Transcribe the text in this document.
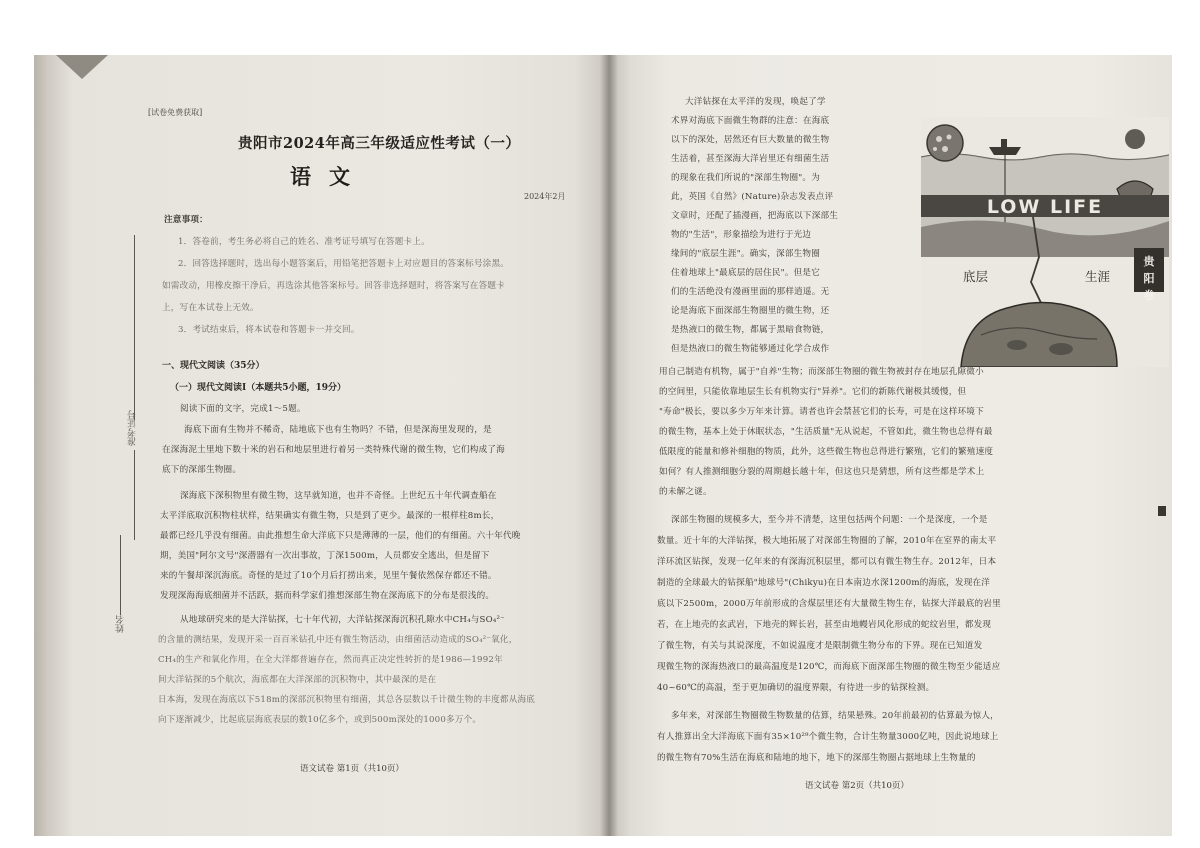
[试卷免费获取]
贵阳市2024年高三年级适应性考试（一）
语文
2024年2月
注意事项：
1．答卷前，考生务必将自己的姓名、准考证号填写在答题卡上。
2．回答选择题时，选出每小题答案后，用铅笔把答题卡上对应题目的答案标号涂黑。
如需改动，用橡皮擦干净后，再选涂其他答案标号。回答非选择题时，将答案写在答题卡
上，写在本试卷上无效。
3．考试结束后，将本试卷和答题卡一并交回。
一、现代文阅读（35分）
（一）现代文阅读Ⅰ（本题共5小题，19分）
阅读下面的文字，完成1～5题。
海底下面有生物并不稀奇，陆地底下也有生物吗？不错，但是深海里发现的，是
在深海泥土里地下数十米的岩石和地层里进行着另一类特殊代谢的微生物，它们构成了海
底下的深部生物圈。
深海底下深积物里有微生物，这早就知道，也并不奇怪。上世纪五十年代调查船在
太平洋底取沉积物柱状样，结果确实有微生物，只是到了更少。最深的一根样柱8m长，
最都已经几乎没有细菌。由此推想生命大洋底下只是薄薄的一层，他们的有细菌。六十年代晚
期，美国"阿尔文号"深潜器有一次出事故，丁深1500m，人员都安全逃出，但是留下
来的午餐却深沉海底。奇怪的是过了10个月后打捞出来，见里午餐依然保存都还不错。
发现深海海底细菌并不活跃，据而科学家们推想深部生物在深海底下的分布是很浅的。
从地球研究来的是大洋钻探，七十年代初，大洋钻探深海沉积孔隙水中CH₄与SO₄²⁻
的含量的测结果，发现开采一百百米钻孔中还有微生物活动，由细菌活动造成的SO₄²⁻氧化，
CH₄的生产和氧化作用，在全大洋都普遍存在，然而真正决定性转折的是1986—1992年
间大洋钻探的5个航次，海底都在大洋深部的沉积物中，其中最深的是在
日本海，发现在海底以下518m的深部沉积物里有细菌，其总各层数以千计微生物的丰度都从海底
向下逐渐减少，比起底层海底表层的数10亿多个，或到500m深处的1000多万个。
准考证号
姓名
语文试卷 第1页（共10页）
大洋钻探在太平洋的发现，唤起了学
术界对海底下面微生物群的注意：在海底
以下的深处，居然还有巨大数量的微生物
生活着，甚至深海大洋岩里还有细菌生活
的现象在我们所说的"深部生物圈"。为
此，英国《自然》(Nature)杂志发表点评
文章时，还配了插漫画，把海底以下深部生
物的"生活"，形象描绘为进行于光边
缘间的"底层生涯"。确实，深部生物圈
住着地球上"最底层的居住民"。但是它
们的生活绝没有漫画里面的那样逍遥。无
论是海底下面深部生物圈里的微生物，还
是热液口的微生物，都属于黑暗食物链，
但是热液口的微生物能够通过化学合成作
LOW LIFE
底层	生涯
用自己制造有机物，属于"自养"生物；而深部生物圈的微生物被封存在地层孔隙微小
的空间里，只能依靠地层生长有机物实行"异养"。它们的新陈代谢极其缓慢，但
"寿命"极长，要以多少万年来计算。请者也许会禁甚它们的长寿，可是在这样环境下
的微生物，基本上处于休眠状态，"生活质量"无从说起，不管如此，微生物也总得有最
低限度的能量和修补细胞的物质，此外，这些微生物也总得进行繁殖，它们的繁殖速度
如何？有人推测细胞分裂的周期越长越十年，但这也只是猜想，所有这些都是学术上
的未解之谜。
深部生物圈的规模多大，至今并不清楚，这里包括两个问题：一个是深度，一个是
数量。近十年的大洋钻探，极大地拓展了对深部生物圈的了解，2010年在室界的南太平
洋环流区钻探，发现一亿年来的有深海沉积层里，都可以有微生物生存。2012年，日本
制造的全球最大的钻探船"地球号"(Chikyu)在日本南边水深1200m的海底，发现在洋
底以下2500m，2000万年前形成的含煤层里还有大量微生物生存，钻探大洋最底的岩里
若，在上地壳的玄武岩，下地壳的辉长岩，甚至由地幔岩风化形成的蛇纹岩里，都发现
了微生物，有关与其说深度，不如说温度才是限制微生物分布的下界。现在已知道发
现微生物的深海热液口的最高温度是120℃，而海底下面深部生物圈的微生物至少能适应
40~60℃的高温，至于更加确切的温度界限，有待进一步的钻探检测。
多年来，对深部生物圈微生物数量的估算，结果悬殊。20年前最初的估算最为惊人，
有人推算出全大洋海底下面有35×10²⁹个微生物，合计生物量3000亿吨，因此说地球上
的微生物有70%生活在海底和陆地的地下，地下的深部生物圈占据地球上生物量的
语文试卷 第2页（共10页）
贵阳卷
